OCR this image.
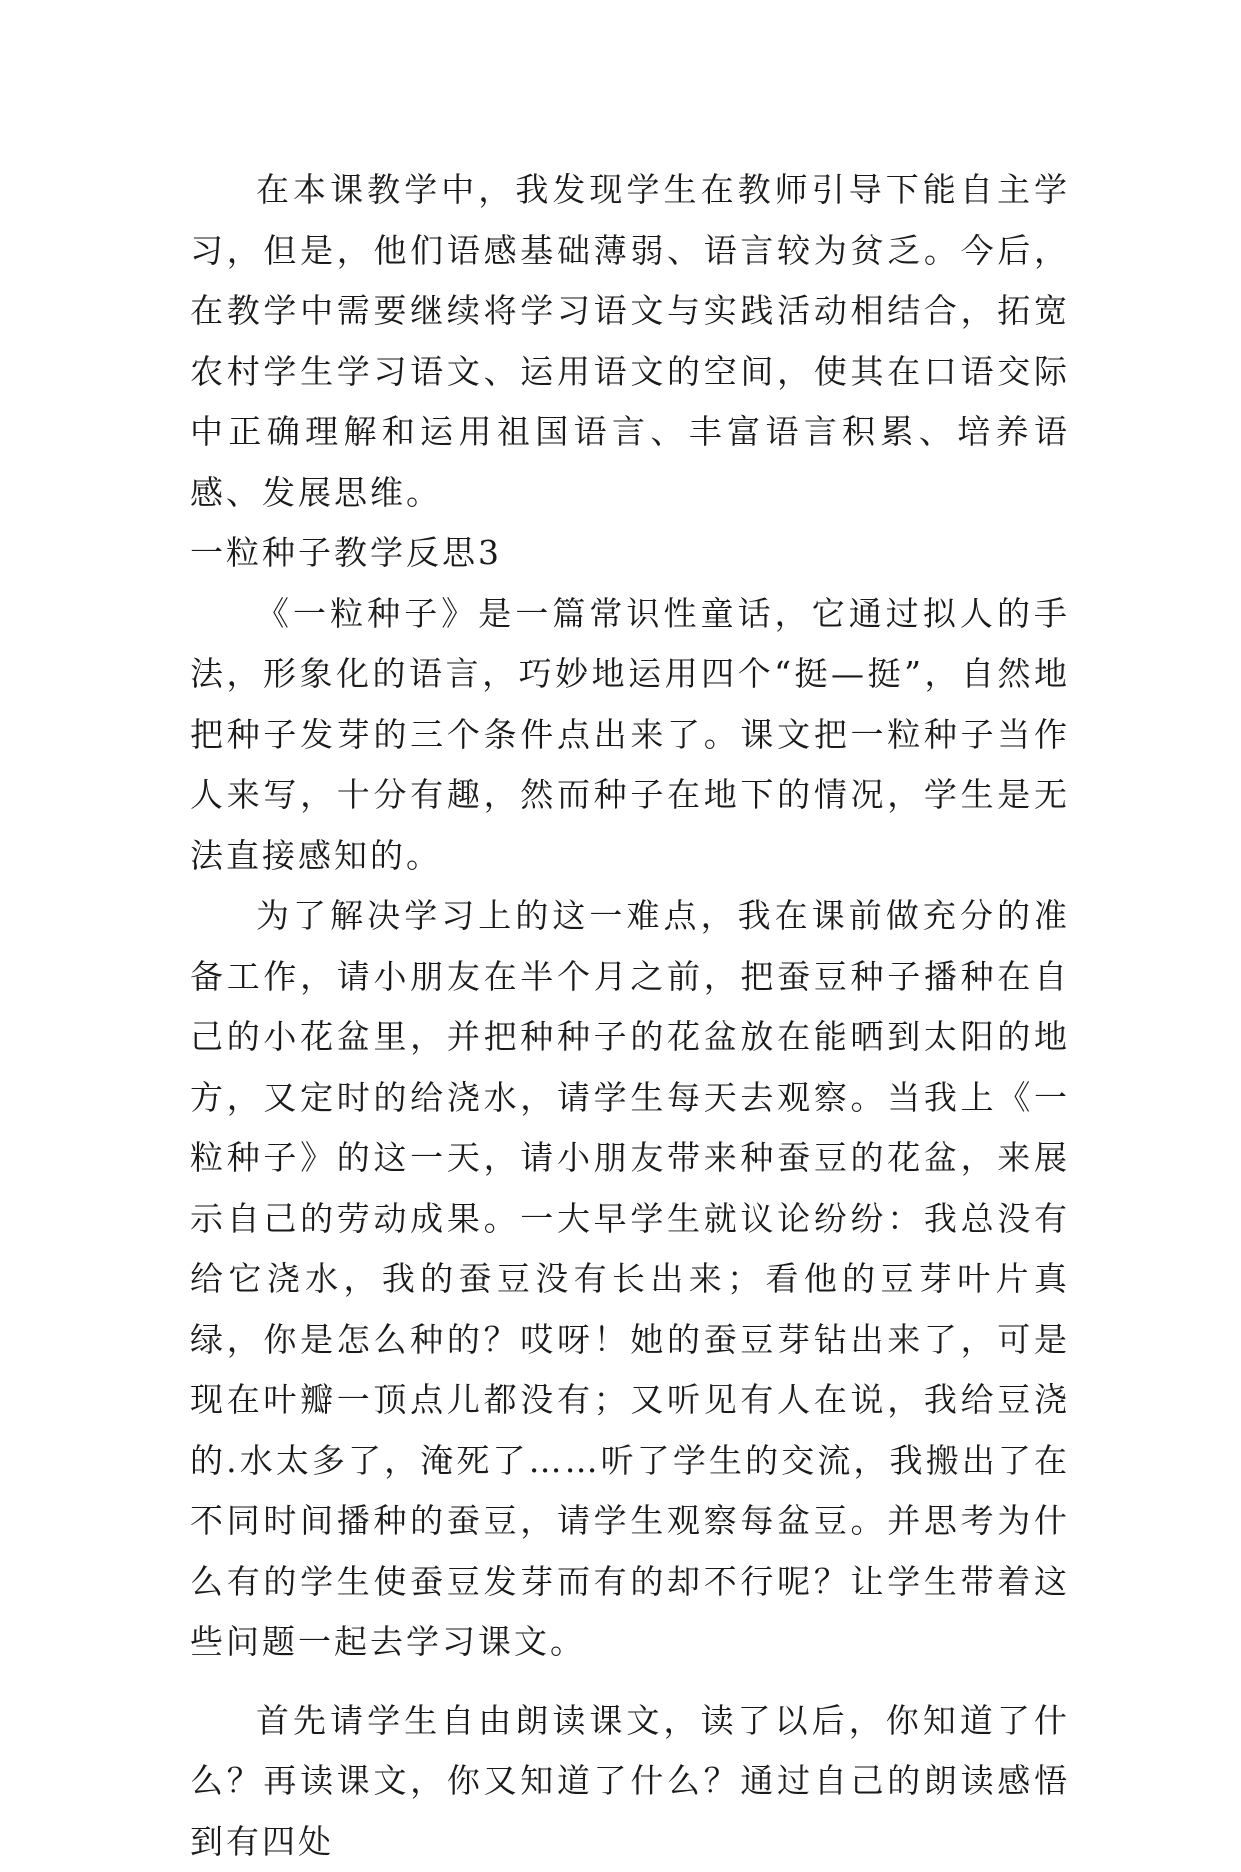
在本课教学中，我发现学生在教师引导下能自主学习，但是，他们语感基础薄弱、语言较为贫乏。今后，在教学中需要继续将学习语文与实践活动相结合，拓宽农村学生学习语文、运用语文的空间，使其在口语交际中正确理解和运用祖国语言、丰富语言积累、培养语感、发展思维。

一粒种子教学反思3

《一粒种子》是一篇常识性童话，它通过拟人的手法，形象化的语言，巧妙地运用四个“挺—挺”，自然地把种子发芽的三个条件点出来了。课文把一粒种子当作人来写，十分有趣，然而种子在地下的情况，学生是无法直接感知的。

为了解决学习上的这一难点，我在课前做充分的准备工作，请小朋友在半个月之前，把蚕豆种子播种在自己的小花盆里，并把种种子的花盆放在能晒到太阳的地方，又定时的给浇水，请学生每天去观察。当我上《一粒种子》的这一天，请小朋友带来种蚕豆的花盆，来展示自己的劳动成果。一大早学生就议论纷纷：我总没有给它浇水，我的蚕豆没有长出来；看他的豆芽叶片真绿，你是怎么种的？哎呀！她的蚕豆芽钻出来了，可是现在叶瓣一顶点儿都没有；又听见有人在说，我给豆浇的.水太多了，淹死了……听了学生的交流，我搬出了在不同时间播种的蚕豆，请学生观察每盆豆。并思考为什么有的学生使蚕豆发芽而有的却不行呢？让学生带着这些问题一起去学习课文。

首先请学生自由朗读课文，读了以后，你知道了什么？再读课文，你又知道了什么？通过自己的朗读感悟到有四处
